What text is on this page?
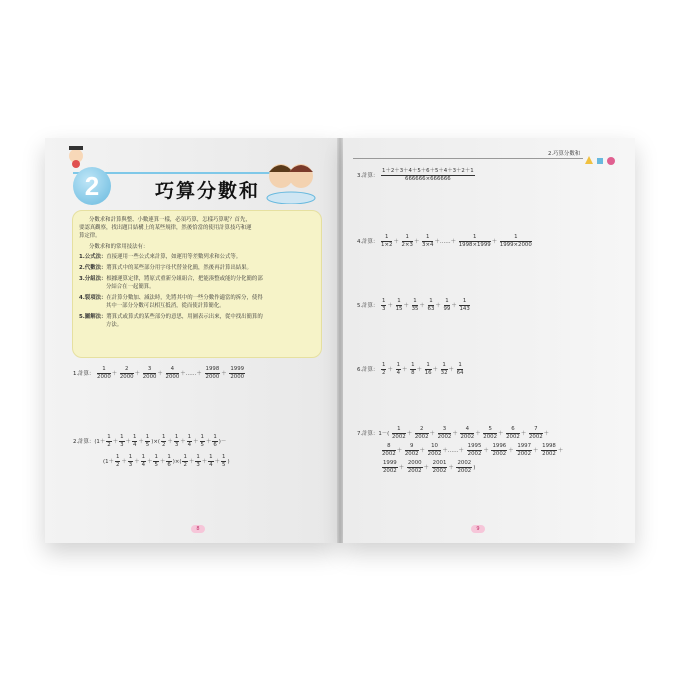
2	巧算分數和
分數求和計算與整、小數連算一樣，必須巧算，怎樣巧算呢？首先，
要認真觀察，找出題目結構上的某些規律，然後恰當的使用計算技巧和運
算定律。
分數求和的常用技法有：
1.公式法：直接運用一些公式來計算，如運用等差數列求和公式等。
2.代數法：將算式中的某些部分用字母代替並化簡，然後再計算出結果。
3.分組法：根據運算定律，將原式重新分組組合，把能湊整或能約分化簡的部
分結合在一起簡算。
4.裂項法：在計算分數加、減法時，先將其中的一些分數作適當的拆分，使得
其中一部分分數可以相互抵消，從而使計算簡化。
5.圖解法：將算式或算式的某些部分的意思，用圖表示出來，從中找出簡算的
方法。
1.計算： $\frac{1}{2000} + \frac{2}{2000} + \frac{3}{2000} + \frac{4}{2000}$ ＋……＋ $\frac{1998}{2000} + \frac{1999}{2000}$
2.計算：($1+ \frac{1}{2} + \frac{1}{3} + \frac{1}{4} + \frac{1}{5}$ )×( $\frac{1}{2} + \frac{1}{3} + \frac{1}{4} + \frac{1}{5} + \frac{1}{6}$ )－
($1+ \frac{1}{2} + \frac{1}{3} + \frac{1}{4} + \frac{1}{5} + \frac{1}{6}$ )×( $\frac{1}{2} + \frac{1}{3} + \frac{1}{4} + \frac{1}{5}$ )
8
2.巧算分數和
3.計算： $\frac{1+2+3+4+5+6+5+4+3+2+1}{666666\times 666666}$
4.計算： $\frac{1}{1\times 2} + \frac{1}{2\times 3} + \frac{1}{3\times 4}$ ＋……＋ $\frac{1}{1998\times 1999} + \frac{1}{1999\times 2000}$
5.計算： $\frac{1}{3} + \frac{1}{15} + \frac{1}{35} + \frac{1}{63} + \frac{1}{99} + \frac{1}{143}$
6.計算： $\frac{1}{2} + \frac{1}{4} + \frac{1}{8} + \frac{1}{16} + \frac{1}{32} + \frac{1}{64}$
7.計算：$1-( \frac{1}{2002} + \frac{2}{2002} + \frac{3}{2002} + \frac{4}{2002} + \frac{5}{2002} + \frac{6}{2002} + \frac{7}{2002}$ ＋
$\frac{8}{2002} + \frac{9}{2002} + \frac{10}{2002}$ ＋……＋ $\frac{1995}{2002} + \frac{1996}{2002} + \frac{1997}{2002} + \frac{1998}{2002}$ ＋
$\frac{1999}{2002} + \frac{2000}{2002} + \frac{2001}{2002} + \frac{2002}{2002}$ )
9
